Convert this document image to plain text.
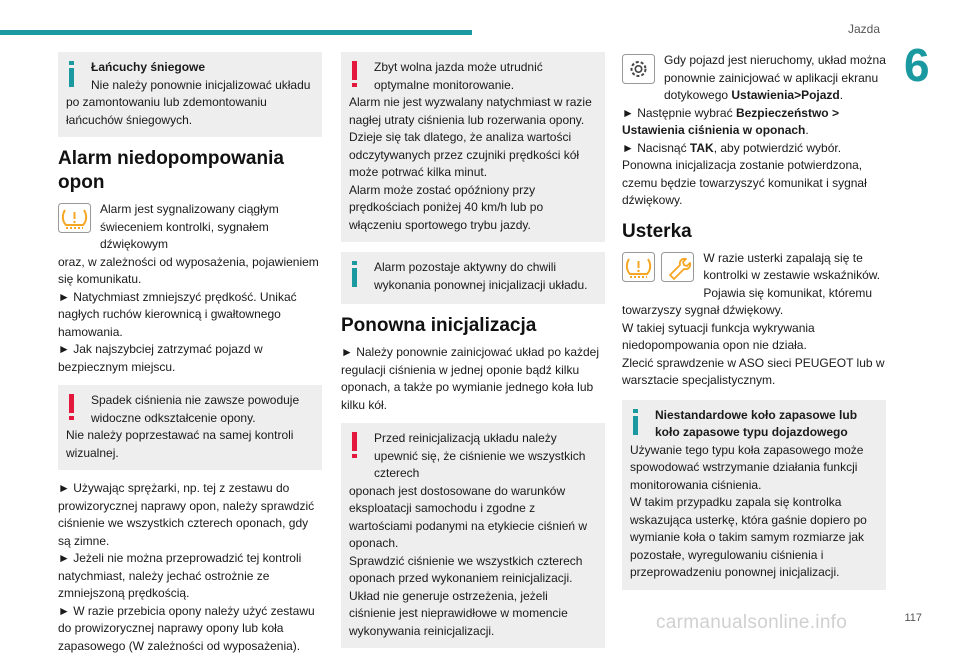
Jazda
6

Łańcuchy śniegowe

Nie należy ponownie inicjalizować układu

po zamontowaniu lub zdemontowaniu łańcuchów śniegowych.

Alarm niedopompowania opon

Alarm jest sygnalizowany ciągłym świeceniem kontrolki, sygnałem dźwiękowym

oraz, w zależności od wyposażenia, pojawieniem się komunikatu.

► Natychmiast zmniejszyć prędkość. Unikać nagłych ruchów kierownicą i gwałtownego hamowania.

► Jak najszybciej zatrzymać pojazd w bezpiecznym miejscu.

Spadek ciśnienia nie zawsze powoduje widoczne odkształcenie opony.

Nie należy poprzestawać na samej kontroli wizualnej.

► Używając sprężarki, np. tej z zestawu do prowizorycznej naprawy opon, należy sprawdzić ciśnienie we wszystkich czterech oponach, gdy są zimne.

► Jeżeli nie można przeprowadzić tej kontroli natychmiast, należy jechać ostrożnie ze zmniejszoną prędkością.

► W razie przebicia opony należy użyć zestawu do prowizorycznej naprawy opony lub koła zapasowego (W zależności od wyposażenia).

Zbyt wolna jazda może utrudnić optymalne monitorowanie.

Alarm nie jest wyzwalany natychmiast w razie nagłej utraty ciśnienia lub rozerwania opony.

Dzieje się tak dlatego, że analiza wartości odczytywanych przez czujniki prędkości kół może potrwać kilka minut.

Alarm może zostać opóźniony przy prędkościach poniżej 40 km/h lub po włączeniu sportowego trybu jazdy.

Alarm pozostaje aktywny do chwili wykonania ponownej inicjalizacji układu.

Ponowna inicjalizacja

► Należy ponownie zainicjować układ po każdej regulacji ciśnienia w jednej oponie bądź kilku oponach, a także po wymianie jednego koła lub kilku kół.

Przed reinicjalizacją układu należy upewnić się, że ciśnienie we wszystkich czterech

oponach jest dostosowane do warunków eksploatacji samochodu i zgodne z wartościami podanymi na etykiecie ciśnień w oponach.

Sprawdzić ciśnienie we wszystkich czterech oponach przed wykonaniem reinicjalizacji.

Układ nie generuje ostrzeżenia, jeżeli ciśnienie jest nieprawidłowe w momencie wykonywania reinicjalizacji.

Gdy pojazd jest nieruchomy, układ można ponownie zainicjować w aplikacji ekranu

dotykowego Ustawienia>Pojazd.

► Następnie wybrać Bezpieczeństwo > Ustawienia ciśnienia w oponach.

► Nacisnąć TAK, aby potwierdzić wybór.

Ponowna inicjalizacja zostanie potwierdzona, czemu będzie towarzyszyć komunikat i sygnał dźwiękowy.

Usterka

W razie usterki zapalają się te kontrolki w zestawie wskaźników.

Pojawia się komunikat, któremu towarzyszy sygnał dźwiękowy.

W takiej sytuacji funkcja wykrywania niedopompowania opon nie działa.

Zlecić sprawdzenie w ASO sieci PEUGEOT lub w warsztacie specjalistycznym.

Niestandardowe koło zapasowe lub koło zapasowe typu dojazdowego

Używanie tego typu koła zapasowego może spowodować wstrzymanie działania funkcji monitorowania ciśnienia.

W takim przypadku zapala się kontrolka wskazująca usterkę, która gaśnie dopiero po wymianie koła o takim samym rozmiarze jak pozostałe, wyregulowaniu ciśnienia i przeprowadzeniu ponownej inicjalizacji.

carmanualsonline.info	117
